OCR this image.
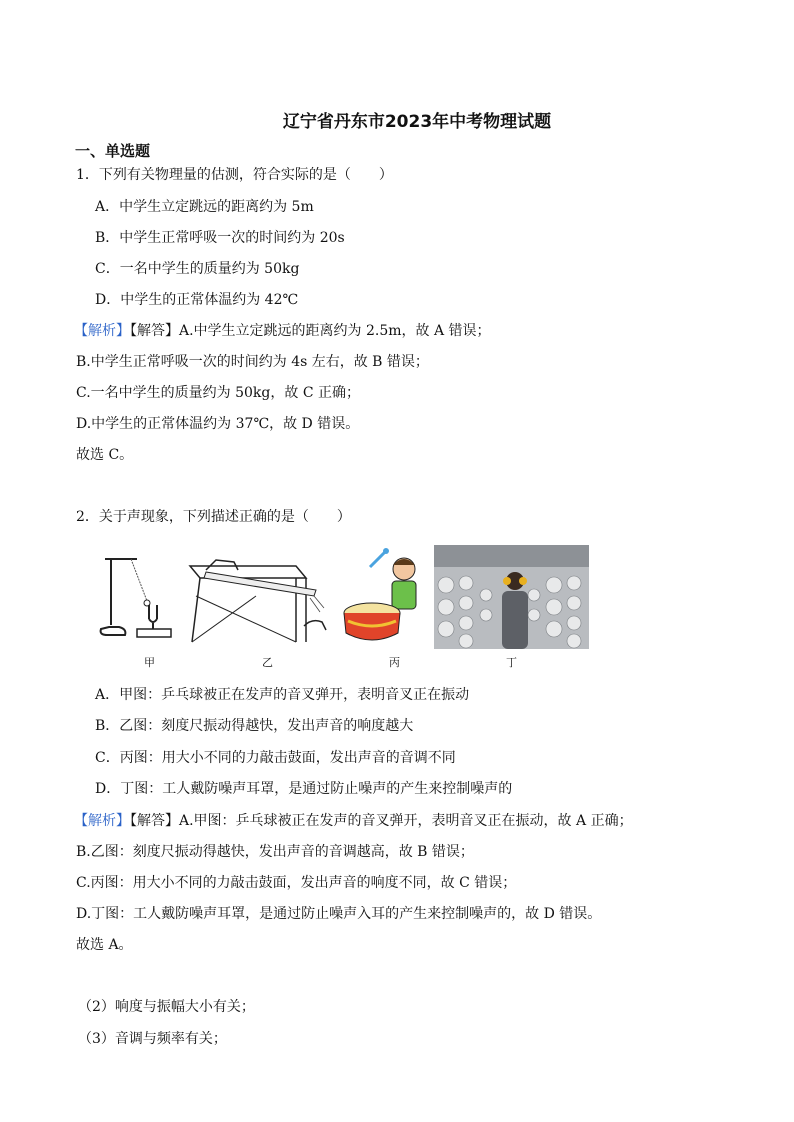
辽宁省丹东市2023年中考物理试题
一、单选题
1．下列有关物理量的估测，符合实际的是（　　）
A．中学生立定跳远的距离约为 5m
B．中学生正常呼吸一次的时间约为 20s
C．一名中学生的质量约为 50kg
D．中学生的正常体温约为 42℃
【解析】【解答】A.中学生立定跳远的距离约为 2.5m，故 A 错误；
B.中学生正常呼吸一次的时间约为 4s 左右，故 B 错误；
C.一名中学生的质量约为 50kg，故 C 正确；
D.中学生的正常体温约为 37℃，故 D 错误。
故选 C。
2．关于声现象，下列描述正确的是（　　）
甲	乙	丙	丁
A．甲图：乒乓球被正在发声的音叉弹开，表明音叉正在振动
B．乙图：刻度尺振动得越快，发出声音的响度越大
C．丙图：用大小不同的力敲击鼓面，发出声音的音调不同
D．丁图：工人戴防噪声耳罩，是通过防止噪声的产生来控制噪声的
【解析】【解答】A.甲图：乒乓球被正在发声的音叉弹开，表明音叉正在振动，故 A 正确；
B.乙图：刻度尺振动得越快，发出声音的音调越高，故 B 错误；
C.丙图：用大小不同的力敲击鼓面，发出声音的响度不同，故 C 错误；
D.丁图：工人戴防噪声耳罩，是通过防止噪声入耳的产生来控制噪声的，故 D 错误。
故选 A。
（2）响度与振幅大小有关；
（3）音调与频率有关；
